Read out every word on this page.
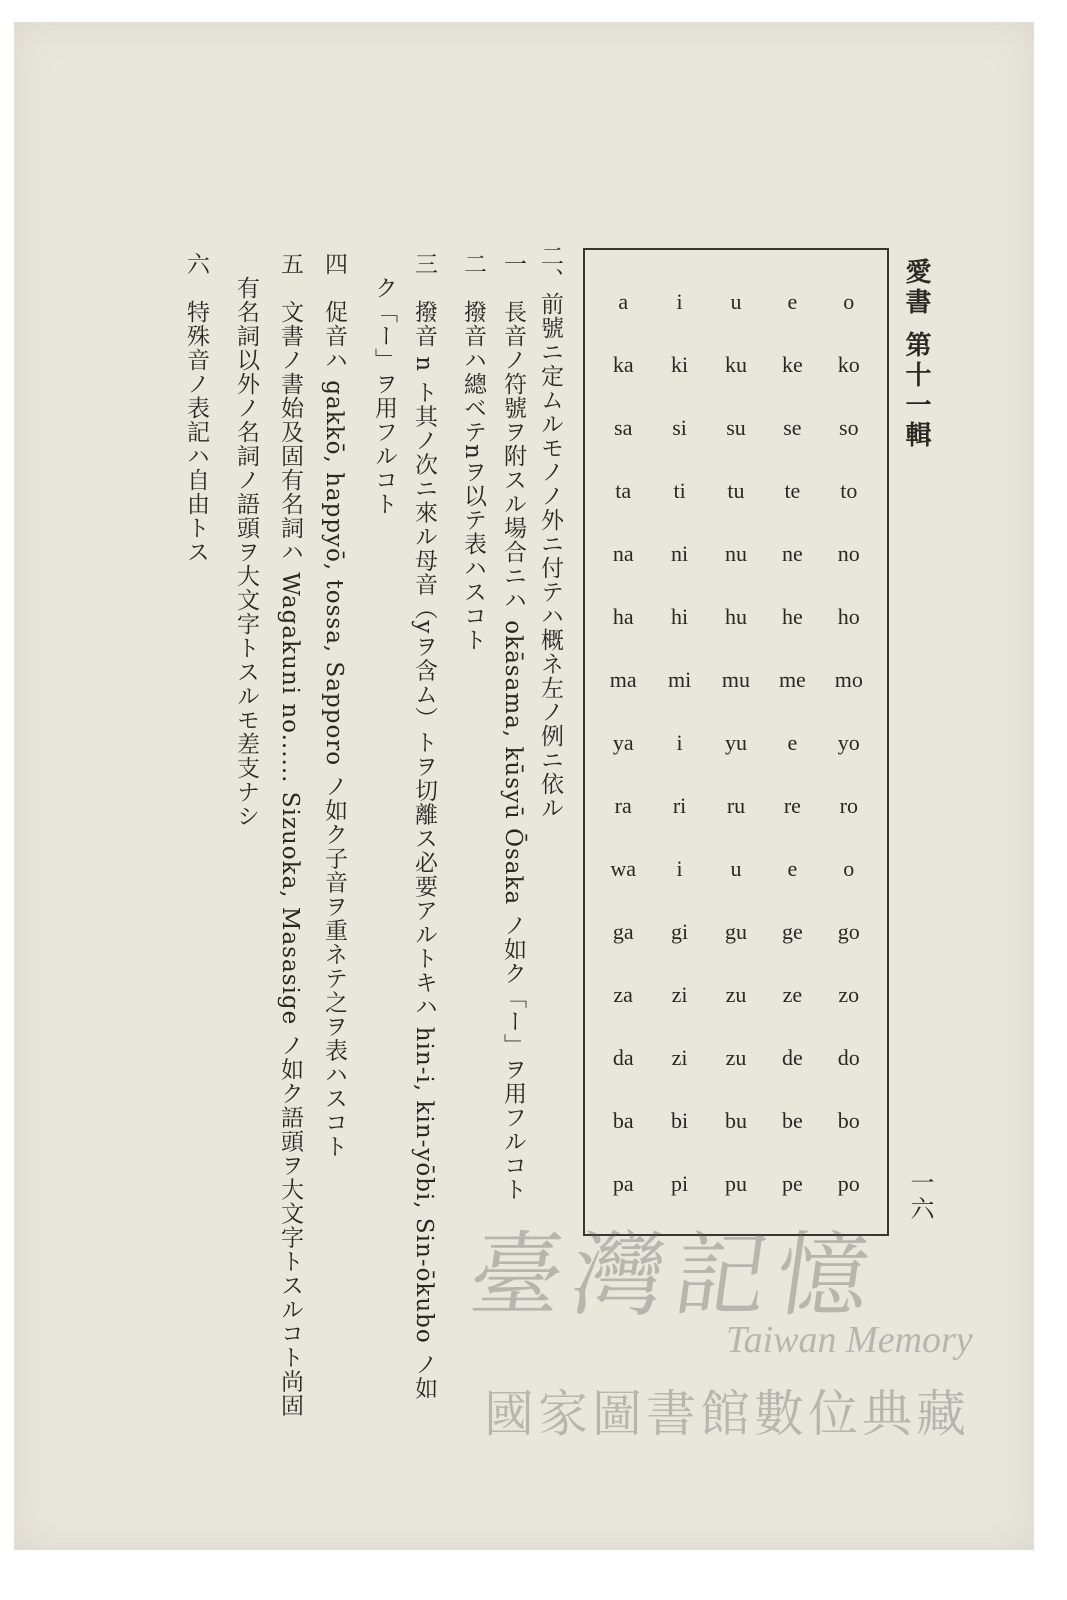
愛書 第十一輯
一六
a	i	u	e	o
ka	ki	ku	ke	ko
sa	si	su	se	so
ta	ti	tu	te	to
na	ni	nu	ne	no
ha	hi	hu	he	ho
ma	mi	mu	me	mo
ya	i	yu	e	yo
ra	ri	ru	re	ro
wa	i	u	e	o
ga	gi	gu	ge	go
za	zi	zu	ze	zo
da	zi	zu	de	do
ba	bi	bu	be	bo
pa	pi	pu	pe	po
二、前號ニ定ムルモノノ外ニ付テハ概ネ左ノ例ニ依ル
一　長音ノ符號ヲ附スル場合ニハ okāsama, kūsyū Ōsaka ノ如ク「ー」ヲ用フルコト
二　撥音ハ總ベテnヲ以テ表ハスコト
三　撥音 n ト其ノ次ニ來ル母音（yヲ含ム）トヲ切離ス必要アルトキハ hin-i, kin-yōbi, Sin-ōkubo ノ如
　ク「ー」ヲ用フルコト
四　促音ハ gakkō, happyō, tossa, Sapporo ノ如ク子音ヲ重ネテ之ヲ表ハスコト
五　文書ノ書始及固有名詞ハ Wagakuni no...... Sizuoka, Masasige ノ如ク語頭ヲ大文字トスルコト尚固
　有名詞以外ノ名詞ノ語頭ヲ大文字トスルモ差支ナシ
六　特殊音ノ表記ハ自由トス
臺灣記憶
Taiwan Memory
國家圖書館數位典藏
